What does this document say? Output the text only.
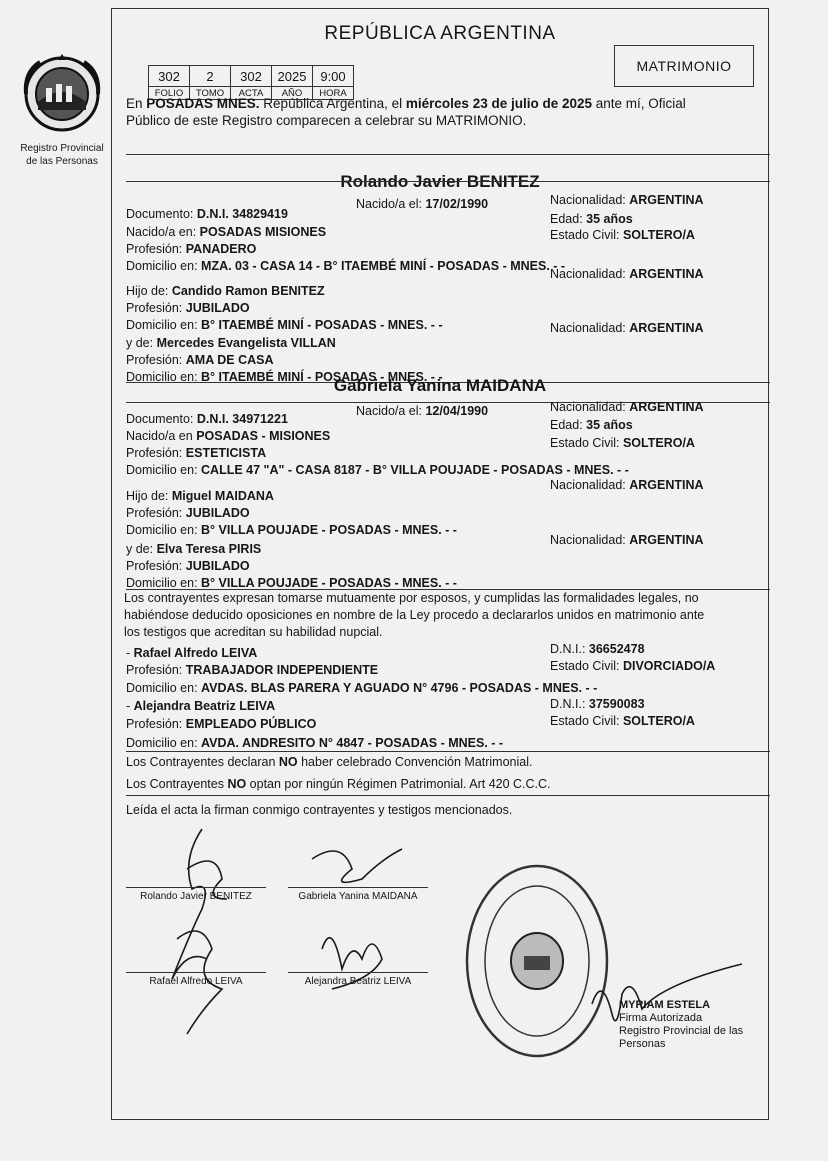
Registro Provincial
de las Personas
REPÚBLICA ARGENTINA
302	2	302	2025	9:00
FOLIO	TOMO	ACTA	AÑO	HORA
MATRIMONIO
En POSADAS MNES. República Argentina, el miércoles 23 de julio de 2025 ante mí, Oficial
Público de este Registro comparecen a celebrar su MATRIMONIO.
Rolando Javier BENITEZ
Documento: D.N.I. 34829419
Nacido/a el: 17/02/1990	Nacionalidad: ARGENTINA
Edad: 35 años
Nacido/a en: POSADAS MISIONES	Estado Civil: SOLTERO/A
Profesión: PANADERO
Domicilio en: MZA. 03 - CASA 14 - B° ITAEMBÉ MINÍ - POSADAS - MNES. - -
Nacionalidad: ARGENTINA
Hijo de: Candido Ramon BENITEZ
Profesión: JUBILADO
Domicilio en: B° ITAEMBÉ MINÍ - POSADAS - MNES. - -	Nacionalidad: ARGENTINA
y de: Mercedes Evangelista VILLAN
Profesión: AMA DE CASA
Domicilio en: B° ITAEMBÉ MINÍ - POSADAS - MNES. - -
Gabriela Yanina MAIDANA
Documento: D.N.I. 34971221
Nacido/a el: 12/04/1990	Nacionalidad: ARGENTINA
Edad: 35 años
Nacido/a en POSADAS - MISIONES	Estado Civil: SOLTERO/A
Profesión: ESTETICISTA
Domicilio en: CALLE 47 "A" - CASA 8187 - B° VILLA POUJADE - POSADAS - MNES. - -
Nacionalidad: ARGENTINA
Hijo de: Miguel MAIDANA
Profesión: JUBILADO
Domicilio en: B° VILLA POUJADE - POSADAS - MNES. - -
Nacionalidad: ARGENTINA
y de: Elva Teresa PIRIS
Profesión: JUBILADO
Domicilio en: B° VILLA POUJADE - POSADAS - MNES. - -
Los contrayentes expresan tomarse mutuamente por esposos, y cumplidas las formalidades legales, no
habiéndose deducido oposiciones en nombre de la Ley procedo a declararlos unidos en matrimonio ante
los testigos que acreditan su habilidad nupcial.
- Rafael Alfredo LEIVA	D.N.I.: 36652478
Profesión: TRABAJADOR INDEPENDIENTE	Estado Civil: DIVORCIADO/A
Domicilio en: AVDAS. BLAS PARERA Y AGUADO N° 4796 - POSADAS - MNES. - -
- Alejandra Beatriz LEIVA	D.N.I.: 37590083
Profesión: EMPLEADO PÚBLICO	Estado Civil: SOLTERO/A
Domicilio en: AVDA. ANDRESITO N° 4847 - POSADAS - MNES. - -
Los Contrayentes declaran NO haber celebrado Convención Matrimonial.
Los Contrayentes NO optan por ningún Régimen Patrimonial. Art 420 C.C.C.
Leída el acta la firman conmigo contrayentes y testigos mencionados.
Rolando Javier BENITEZ	Gabriela Yanina MAIDANA
Rafael Alfredo LEIVA	Alejandra Beatriz LEIVA
MYRIAM ESTELA
Firma Autorizada
Registro Provincial de las Personas
